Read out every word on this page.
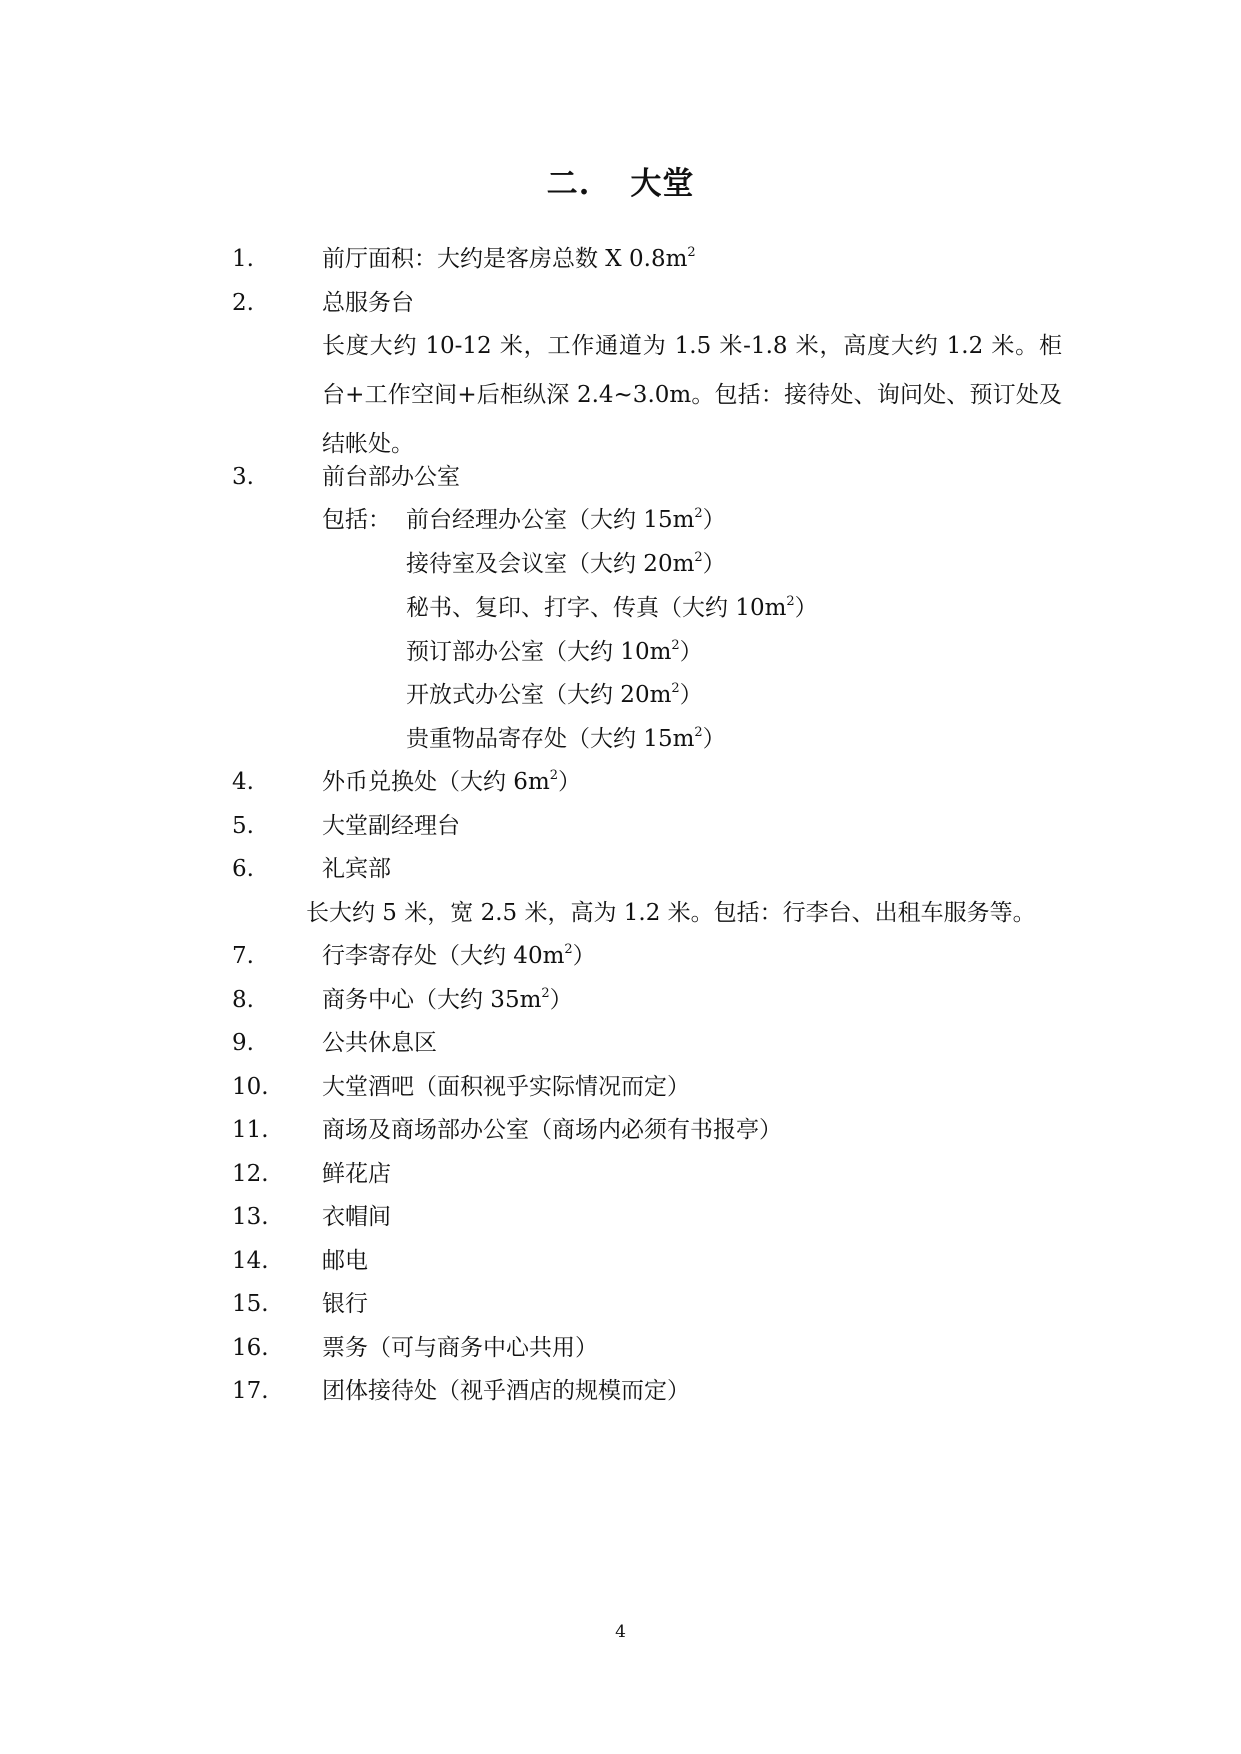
二. 大堂
1.	前厅面积：大约是客房总数 X $0.8m^2$
2.	总服务台
长度大约 10-12 米，工作通道为 1.5 米-1.8 米，高度大约 1.2 米。柜台+工作空间+后柜纵深 2.4~3.0m。包括：接待处、询问处、预订处及结帐处。
3.	前台部办公室
包括： 前台经理办公室（大约 $15m^2$）
接待室及会议室（大约 $20m^2$）
秘书、复印、打字、传真（大约 $10m^2$）
预订部办公室（大约 $10m^2$）
开放式办公室（大约 $20m^2$）
贵重物品寄存处（大约 $15m^2$）
4.	外币兑换处（大约 $6m^2$）
5.	大堂副经理台
6.	礼宾部
长大约 5 米，宽 2.5 米，高为 1.2 米。包括：行李台、出租车服务等。
7.	行李寄存处（大约 $40m^2$）
8.	商务中心（大约 $35m^2$）
9.	公共休息区
10. 大堂酒吧（面积视乎实际情况而定）
11. 商场及商场部办公室（商场内必须有书报亭）
12. 鲜花店
13. 衣帽间
14. 邮电
15. 银行
16. 票务（可与商务中心共用）
17. 团体接待处（视乎酒店的规模而定）
4
